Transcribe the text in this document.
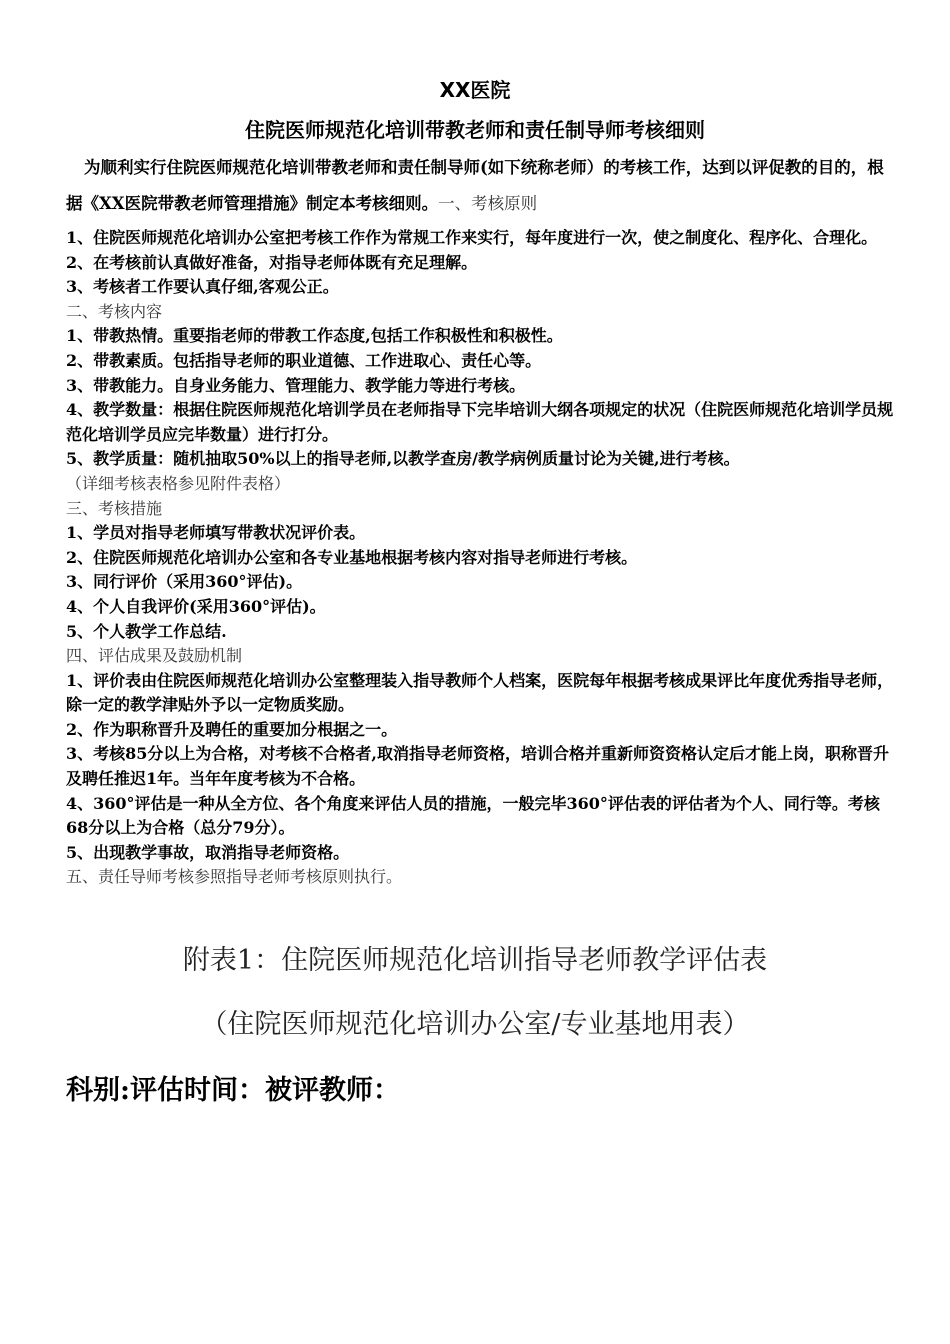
XX医院
住院医师规范化培训带教老师和责任制导师考核细则
为顺利实行住院医师规范化培训带教老师和责任制导师(如下统称老师）的考核工作，达到以评促教的目的，根据《XX医院带教老师管理措施》制定本考核细则。一、考核原则
1、住院医师规范化培训办公室把考核工作作为常规工作来实行，每年度进行一次，使之制度化、程序化、合理化。
2、在考核前认真做好准备，对指导老师体既有充足理解。
3、考核者工作要认真仔细,客观公正。
二、考核内容
1、带教热情。重要指老师的带教工作态度,包括工作积极性和积极性。
2、带教素质。包括指导老师的职业道德、工作进取心、责任心等。
3、带教能力。自身业务能力、管理能力、教学能力等进行考核。
4、教学数量：根据住院医师规范化培训学员在老师指导下完毕培训大纲各项规定的状况（住院医师规范化培训学员规范化培训学员应完毕数量）进行打分。
5、教学质量：随机抽取50%以上的指导老师,以教学查房/教学病例质量讨论为关键,进行考核。
（详细考核表格参见附件表格）
三、考核措施
1、学员对指导老师填写带教状况评价表。
2、住院医师规范化培训办公室和各专业基地根据考核内容对指导老师进行考核。
3、同行评价（采用360°评估)。
4、个人自我评价(采用360°评估)。
5、个人教学工作总结.
四、评估成果及鼓励机制
1、评价表由住院医师规范化培训办公室整理装入指导教师个人档案，医院每年根据考核成果评比年度优秀指导老师，除一定的教学津贴外予以一定物质奖励。
2、作为职称晋升及聘任的重要加分根据之一。
3、考核85分以上为合格，对考核不合格者,取消指导老师资格，培训合格并重新师资资格认定后才能上岗，职称晋升及聘任推迟1年。当年年度考核为不合格。
4、360°评估是一种从全方位、各个角度来评估人员的措施，一般完毕360°评估表的评估者为个人、同行等。考核68分以上为合格（总分79分）。
5、出现教学事故，取消指导老师资格。
五、责任导师考核参照指导老师考核原则执行。
附表1：住院医师规范化培训指导老师教学评估表
（住院医师规范化培训办公室/专业基地用表）
科别:评估时间：被评教师：
